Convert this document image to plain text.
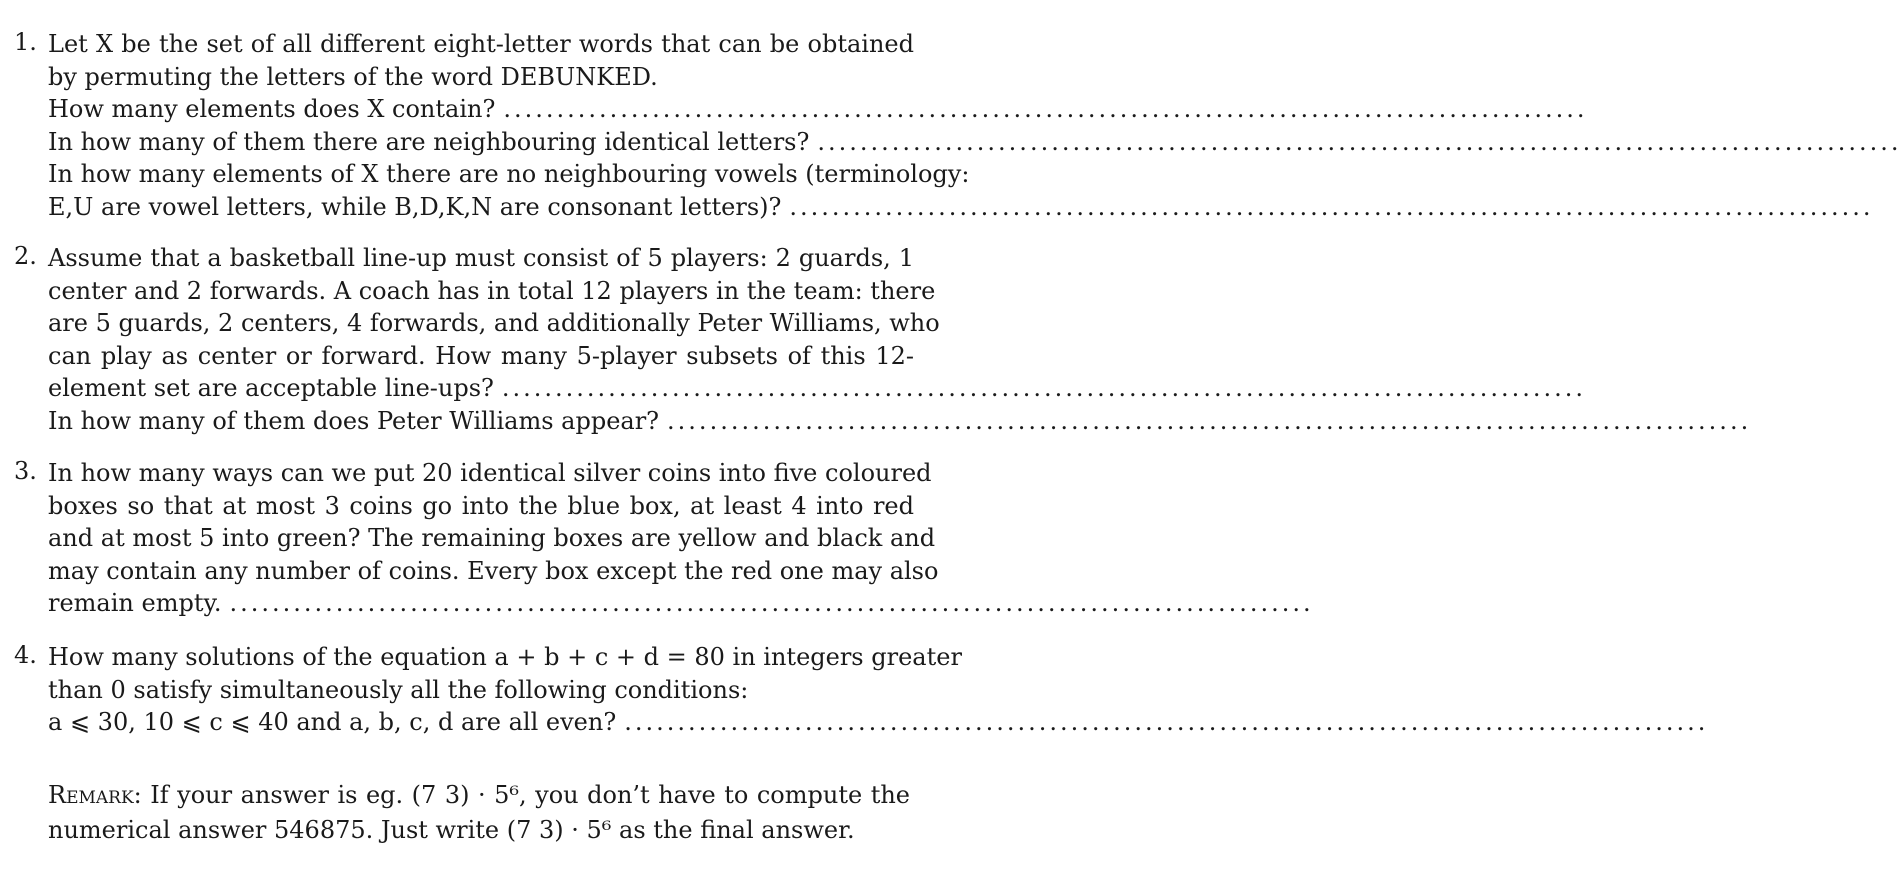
1. Let X be the set of all different eight-letter words that can be obtained
by permuting the letters of the word DEBUNKED.
How many elements does X contain? ......................................................................................................
In how many of them there are neighbouring identical letters? ......................................................................................................
In how many elements of X there are no neighbouring vowels (terminology:
E,U are vowel letters, while B,D,K,N are consonant letters)? ......................................................................................................
2. Assume that a basketball line-up must consist of 5 players: 2 guards, 1
center and 2 forwards. A coach has in total 12 players in the team: there
are 5 guards, 2 centers, 4 forwards, and additionally Peter Williams, who
can play as center or forward. How many 5-player subsets of this 12-
element set are acceptable line-ups? ......................................................................................................
In how many of them does Peter Williams appear? ......................................................................................................
3. In how many ways can we put 20 identical silver coins into five coloured
boxes so that at most 3 coins go into the blue box, at least 4 into red
and at most 5 into green? The remaining boxes are yellow and black and
may contain any number of coins. Every box except the red one may also
remain empty. ......................................................................................................
4. How many solutions of the equation a + b + c + d = 80 in integers greater
than 0 satisfy simultaneously all the following conditions:
a ⩽ 30, 10 ⩽ c ⩽ 40 and a, b, c, d are all even? ......................................................................................................
Remark: If your answer is eg. (7 3) · 5⁶, you don’t have to compute the
numerical answer 546875. Just write (7 3) · 5⁶ as the final answer.
